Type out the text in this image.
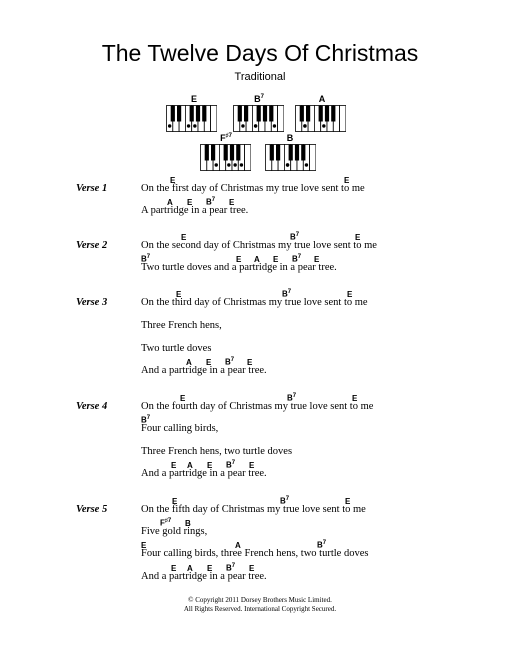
The Twelve Days Of Christmas
Traditional
E	$B^7$	A
$F^{♯7}$	B
Verse 1
E	E
On the first day of Christmas my true love sent to me
A E $B^7$ E
A partridge in a pear tree.
Verse 2
E	$B^7$	E
On the second day of Christmas my true love sent to me
$B^7$	E A E $B^7$ E
Two turtle doves and a partridge in a pear tree.
Verse 3
E	$B^7$	E
On the third day of Christmas my true love sent to me
Three French hens,
Two turtle doves
A E $B^7$ E
And a partridge in a pear tree.
Verse 4
E	$B^7$	E
On the fourth day of Christmas my true love sent to me
$B^7$
Four calling birds,
Three French hens, two turtle doves
E A E $B^7$ E
And a partridge in a pear tree.
Verse 5
E	$B^7$	E
On the fifth day of Christmas my true love sent to me
$F^{♯7}$ B
Five gold rings,
E	A	$B^7$
Four calling birds, three French hens, two turtle doves
E A E $B^7$ E
And a partridge in a pear tree.
© Copyright 2011 Dorsey Brothers Music Limited.
All Rights Reserved. International Copyright Secured.
